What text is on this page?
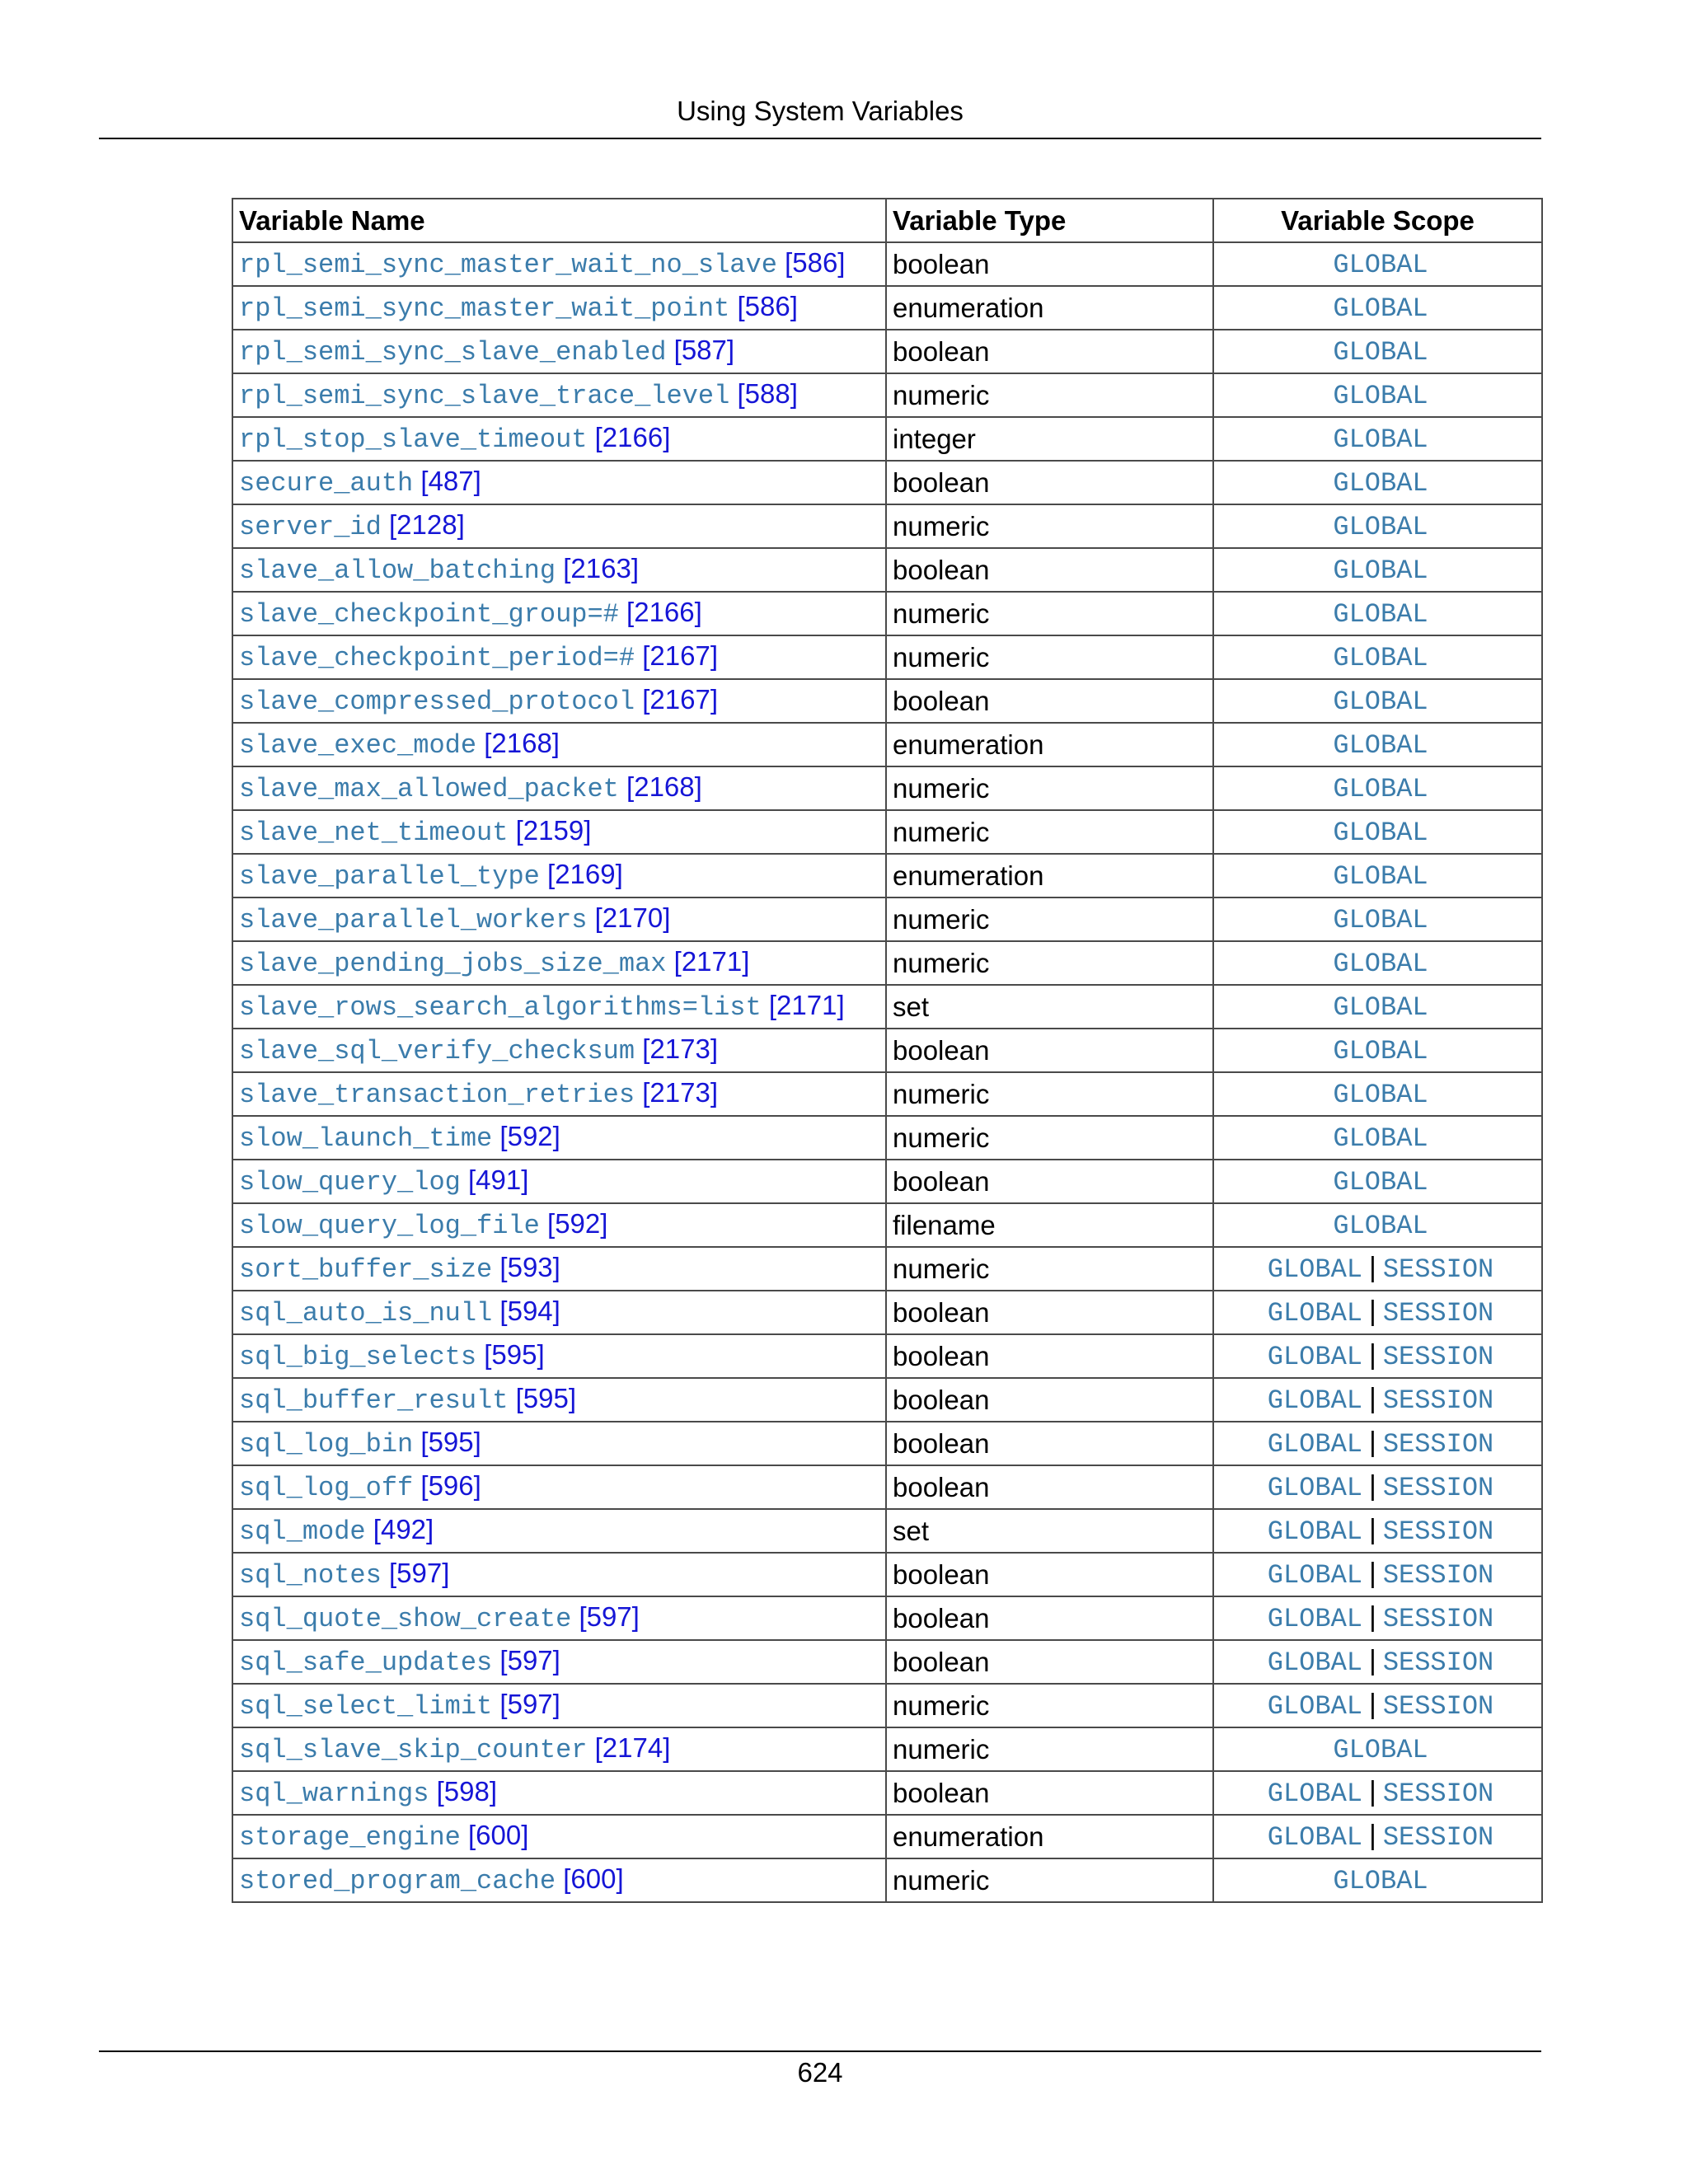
Using System Variables
Variable Name	Variable Type	Variable Scope
rpl_semi_sync_master_wait_no_slave [586]	boolean	GLOBAL
rpl_semi_sync_master_wait_point [586]	enumeration	GLOBAL
rpl_semi_sync_slave_enabled [587]	boolean	GLOBAL
rpl_semi_sync_slave_trace_level [588]	numeric	GLOBAL
rpl_stop_slave_timeout [2166]	integer	GLOBAL
secure_auth [487]	boolean	GLOBAL
server_id [2128]	numeric	GLOBAL
slave_allow_batching [2163]	boolean	GLOBAL
slave_checkpoint_group=# [2166]	numeric	GLOBAL
slave_checkpoint_period=# [2167]	numeric	GLOBAL
slave_compressed_protocol [2167]	boolean	GLOBAL
slave_exec_mode [2168]	enumeration	GLOBAL
slave_max_allowed_packet [2168]	numeric	GLOBAL
slave_net_timeout [2159]	numeric	GLOBAL
slave_parallel_type [2169]	enumeration	GLOBAL
slave_parallel_workers [2170]	numeric	GLOBAL
slave_pending_jobs_size_max [2171]	numeric	GLOBAL
slave_rows_search_algorithms=list [2171]	set	GLOBAL
slave_sql_verify_checksum [2173]	boolean	GLOBAL
slave_transaction_retries [2173]	numeric	GLOBAL
slow_launch_time [592]	numeric	GLOBAL
slow_query_log [491]	boolean	GLOBAL
slow_query_log_file [592]	filename	GLOBAL
sort_buffer_size [593]	numeric	GLOBAL | SESSION
sql_auto_is_null [594]	boolean	GLOBAL | SESSION
sql_big_selects [595]	boolean	GLOBAL | SESSION
sql_buffer_result [595]	boolean	GLOBAL | SESSION
sql_log_bin [595]	boolean	GLOBAL | SESSION
sql_log_off [596]	boolean	GLOBAL | SESSION
sql_mode [492]	set	GLOBAL | SESSION
sql_notes [597]	boolean	GLOBAL | SESSION
sql_quote_show_create [597]	boolean	GLOBAL | SESSION
sql_safe_updates [597]	boolean	GLOBAL | SESSION
sql_select_limit [597]	numeric	GLOBAL | SESSION
sql_slave_skip_counter [2174]	numeric	GLOBAL
sql_warnings [598]	boolean	GLOBAL | SESSION
storage_engine [600]	enumeration	GLOBAL | SESSION
stored_program_cache [600]	numeric	GLOBAL
624
